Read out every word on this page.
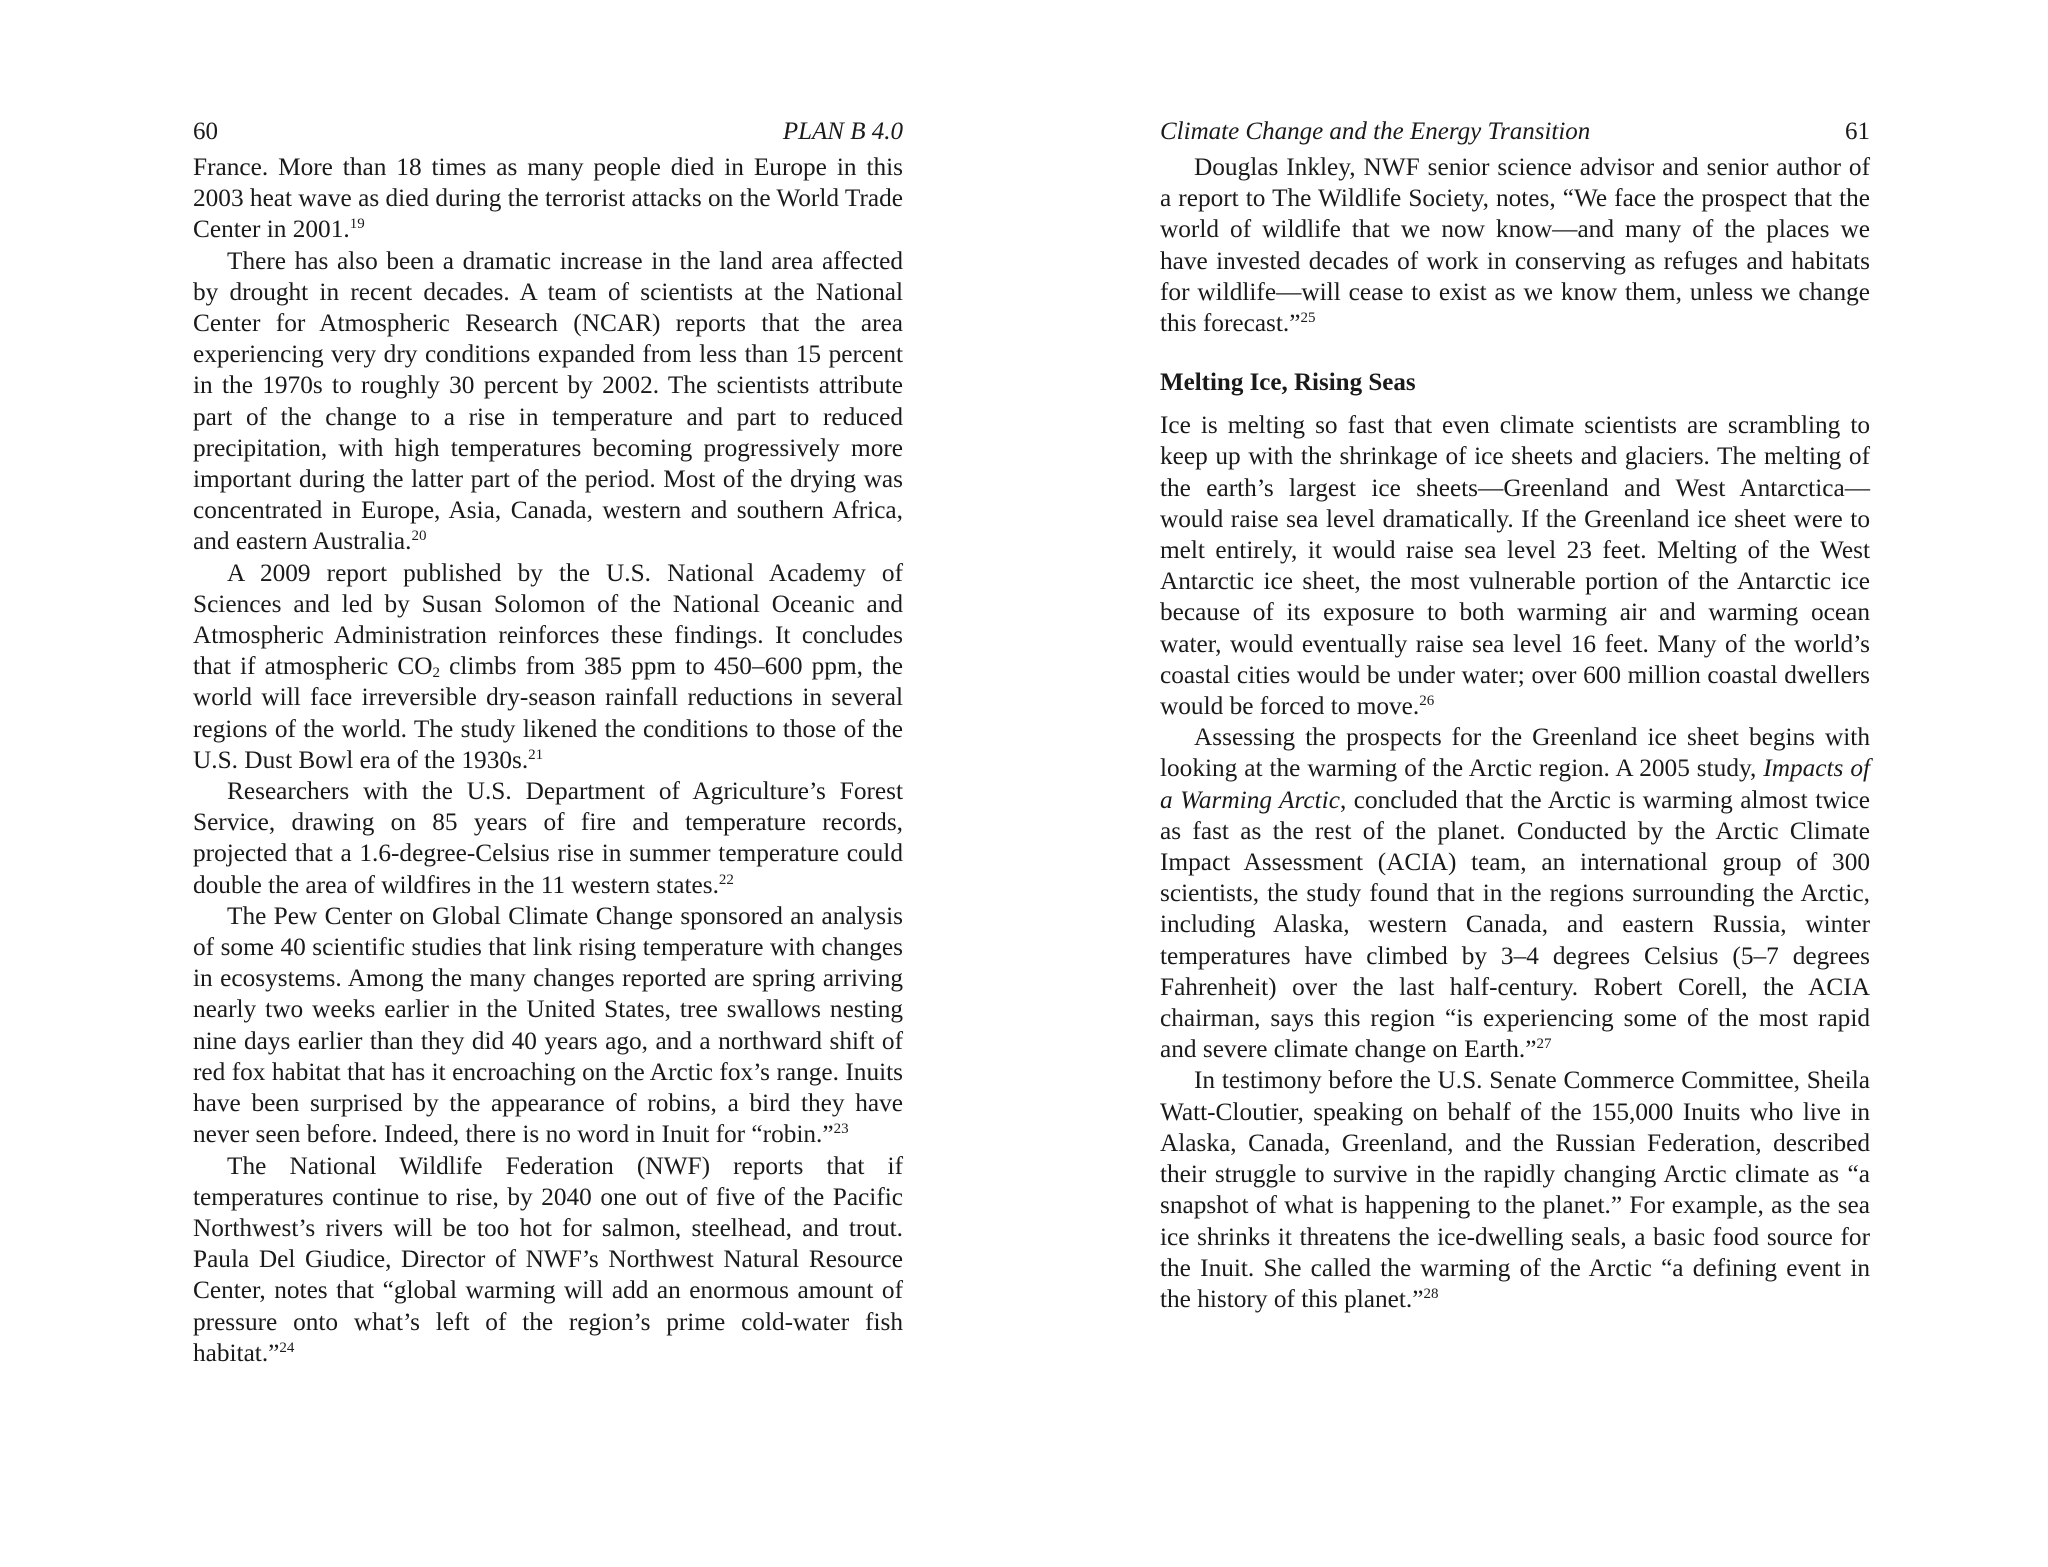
60	PLAN B 4.0

France. More than 18 times as many people died in Europe in this 2003 heat wave as died during the terrorist attacks on the World Trade Center in 2001.19

There has also been a dramatic increase in the land area affected by drought in recent decades. A team of scientists at the National Center for Atmospheric Research (NCAR) reports that the area experiencing very dry conditions expanded from less than 15 percent in the 1970s to roughly 30 percent by 2002. The scientists attribute part of the change to a rise in temperature and part to reduced precipitation, with high temperatures becoming progressively more important during the latter part of the period. Most of the drying was concentrated in Europe, Asia, Canada, western and southern Africa, and eastern Australia.$^{20}$

A 2009 report published by the U.S. National Academy of Sciences and led by Susan Solomon of the National Oceanic and Atmospheric Administration reinforces these findings. It concludes that if atmospheric CO2 climbs from 385 ppm to 450–600 ppm, the world will face irreversible dry-season rainfall reductions in several regions of the world. The study likened the conditions to those of the U.S. Dust Bowl era of the 1930s.$^{21}$

Researchers with the U.S. Department of Agriculture’s Forest Service, drawing on 85 years of fire and temperature records, projected that a 1.6-degree-Celsius rise in summer temperature could double the area of wildfires in the 11 western states.$^{22}$

The Pew Center on Global Climate Change sponsored an analysis of some 40 scientific studies that link rising temperature with changes in ecosystems. Among the many changes reported are spring arriving nearly two weeks earlier in the United States, tree swallows nesting nine days earlier than they did 40 years ago, and a northward shift of red fox habitat that has it encroaching on the Arctic fox’s range. Inuits have been surprised by the appearance of robins, a bird they have never seen before. Indeed, there is no word in Inuit for “robin.”$^{23}$

The National Wildlife Federation (NWF) reports that if temperatures continue to rise, by 2040 one out of five of the Pacific Northwest’s rivers will be too hot for salmon, steelhead, and trout. Paula Del Giudice, Director of NWF’s Northwest Natural Resource Center, notes that “global warming will add an enormous amount of pressure onto what’s left of the region’s prime cold-water fish habitat.”$^{24}$

Climate Change and the Energy Transition	61

Douglas Inkley, NWF senior science advisor and senior author of a report to The Wildlife Society, notes, “We face the prospect that the world of wildlife that we now know—and many of the places we have invested decades of work in conserving as refuges and habitats for wildlife—will cease to exist as we know them, unless we change this forecast.”$^{25}$

Melting Ice, Rising Seas

Ice is melting so fast that even climate scientists are scrambling to keep up with the shrinkage of ice sheets and glaciers. The melting of the earth’s largest ice sheets—Greenland and West Antarctica—would raise sea level dramatically. If the Greenland ice sheet were to melt entirely, it would raise sea level 23 feet. Melting of the West Antarctic ice sheet, the most vulnerable portion of the Antarctic ice because of its exposure to both warming air and warming ocean water, would eventually raise sea level 16 feet. Many of the world’s coastal cities would be under water; over 600 million coastal dwellers would be forced to move.$^{26}$

Assessing the prospects for the Greenland ice sheet begins with looking at the warming of the Arctic region. A 2005 study, Impacts of a Warming Arctic, concluded that the Arctic is warming almost twice as fast as the rest of the planet. Conducted by the Arctic Climate Impact Assessment (ACIA) team, an international group of 300 scientists, the study found that in the regions surrounding the Arctic, including Alaska, western Canada, and eastern Russia, winter temperatures have climbed by 3–4 degrees Celsius (5–7 degrees Fahrenheit) over the last half-century. Robert Corell, the ACIA chairman, says this region “is experiencing some of the most rapid and severe climate change on Earth.”$^{27}$

In testimony before the U.S. Senate Commerce Committee, Sheila Watt-Cloutier, speaking on behalf of the 155,000 Inuits who live in Alaska, Canada, Greenland, and the Russian Federation, described their struggle to survive in the rapidly changing Arctic climate as “a snapshot of what is happening to the planet.” For example, as the sea ice shrinks it threatens the ice-dwelling seals, a basic food source for the Inuit. She called the warming of the Arctic “a defining event in the history of this planet.”$^{28}$
